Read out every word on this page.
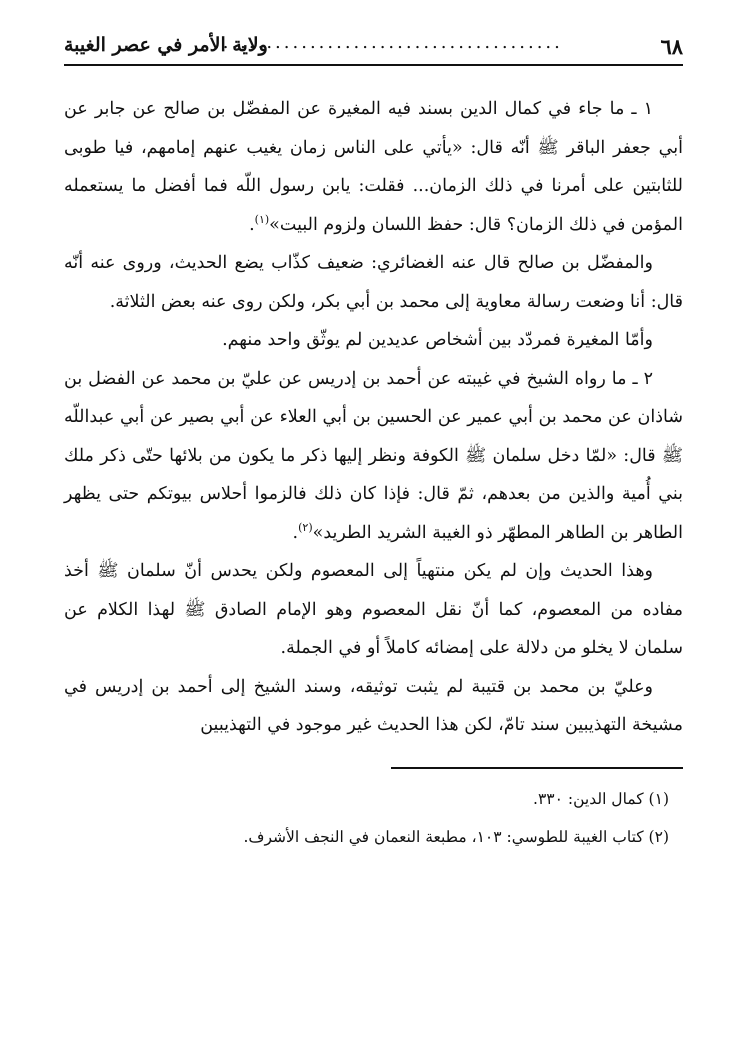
٦٨
........................................
ولاية الأمر في عصر الغيبة

١ ـ ما جاء في كمال الدين بسند فيه المغيرة عن المفضّل بن صالح عن جابر عن أبي جعفر الباقر ﷺ أنّه قال: «يأتي على الناس زمان يغيب عنهم إمامهم، فيا طوبى للثابتين على أمرنا في ذلك الزمان... فقلت: يابن رسول اللّه فما أفضل ما يستعمله المؤمن في ذلك الزمان؟ قال: حفظ اللسان ولزوم البيت»$^{(١)}$.

والمفضّل بن صالح قال عنه الغضائري: ضعيف كذّاب يضع الحديث، وروى عنه أنّه قال: أنا وضعت رسالة معاوية إلى محمد بن أبي بكر، ولكن روى عنه بعض الثلاثة.

وأمّا المغيرة فمردّد بين أشخاص عديدين لم يوثّق واحد منهم.

٢ ـ ما رواه الشيخ في غيبته عن أحمد بن إدريس عن عليّ بن محمد عن الفضل بن شاذان عن محمد بن أبي عمير عن الحسين بن أبي العلاء عن أبي بصير عن أبي عبداللّه ﷺ قال: «لمّا دخل سلمان ﷺ الكوفة ونظر إليها ذكر ما يكون من بلائها حتّى ذكر ملك بني أُمية والذين من بعدهم، ثمّ قال: فإذا كان ذلك فالزموا أحلاس بيوتكم حتى يظهر الطاهر بن الطاهر المطهّر ذو الغيبة الشريد الطريد»$^{(٢)}$.

وهذا الحديث وإن لم يكن منتهياً إلى المعصوم ولكن يحدس أنّ سلمان ﷺ أخذ مفاده من المعصوم، كما أنّ نقل المعصوم وهو الإمام الصادق ﷺ لهذا الكلام عن سلمان لا يخلو من دلالة على إمضائه كاملاً أو في الجملة.

وعليّ بن محمد بن قتيبة لم يثبت توثيقه، وسند الشيخ إلى أحمد بن إدريس في مشيخة التهذيبين سند تامّ، لكن هذا الحديث غير موجود في التهذيبين

(١) كمال الدين: ٣٣٠.

(٢) كتاب الغيبة للطوسي: ١٠٣، مطبعة النعمان في النجف الأشرف.
